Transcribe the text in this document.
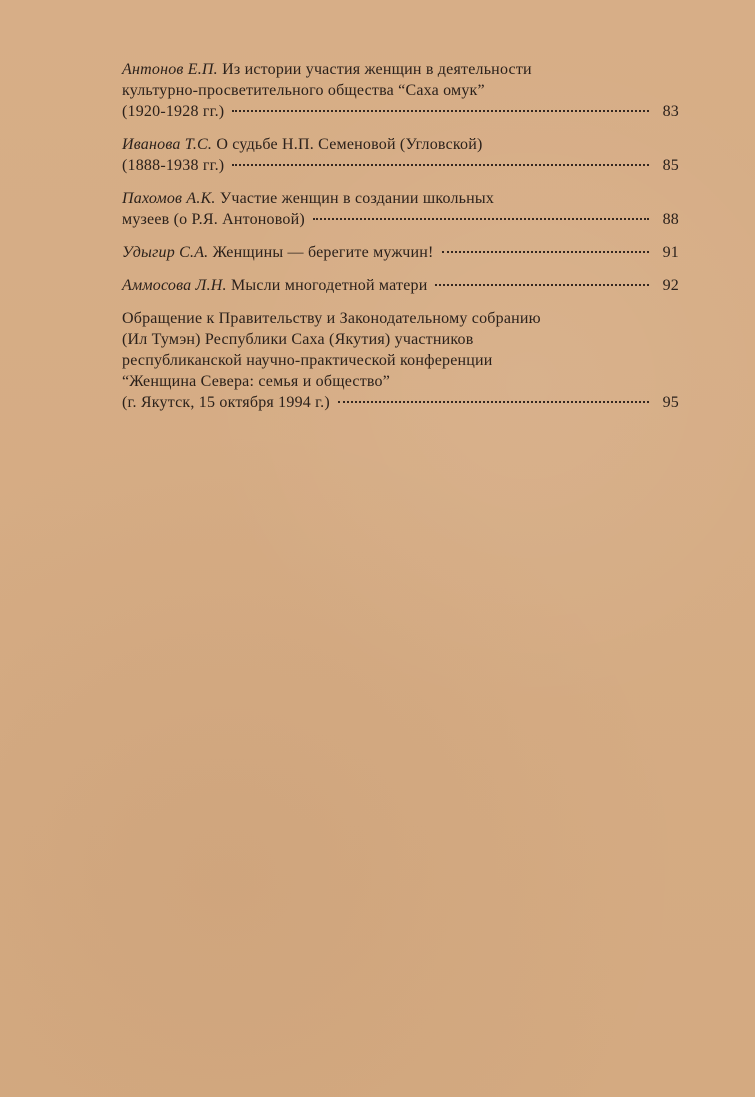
Антонов Е.П. Из истории участия женщин в деятельности
культурно-просветительного общества “Саха омук”
(1920-1928 гг.)	83
Иванова Т.С. О судьбе Н.П. Семеновой (Угловской)
(1888-1938 гг.)	85
Пахомов А.К. Участие женщин в создании школьных
музеев (о Р.Я. Антоновой)	88
Удыгир С.А. Женщины — берегите мужчин!	91
Аммосова Л.Н. Мысли многодетной матери	92
Обращение к Правительству и Законодательному собранию
(Ил Тумэн) Республики Саха (Якутия) участников
республиканской научно-практической конференции
“Женщина Севера: семья и общество”
(г. Якутск, 15 октября 1994 г.)	95
